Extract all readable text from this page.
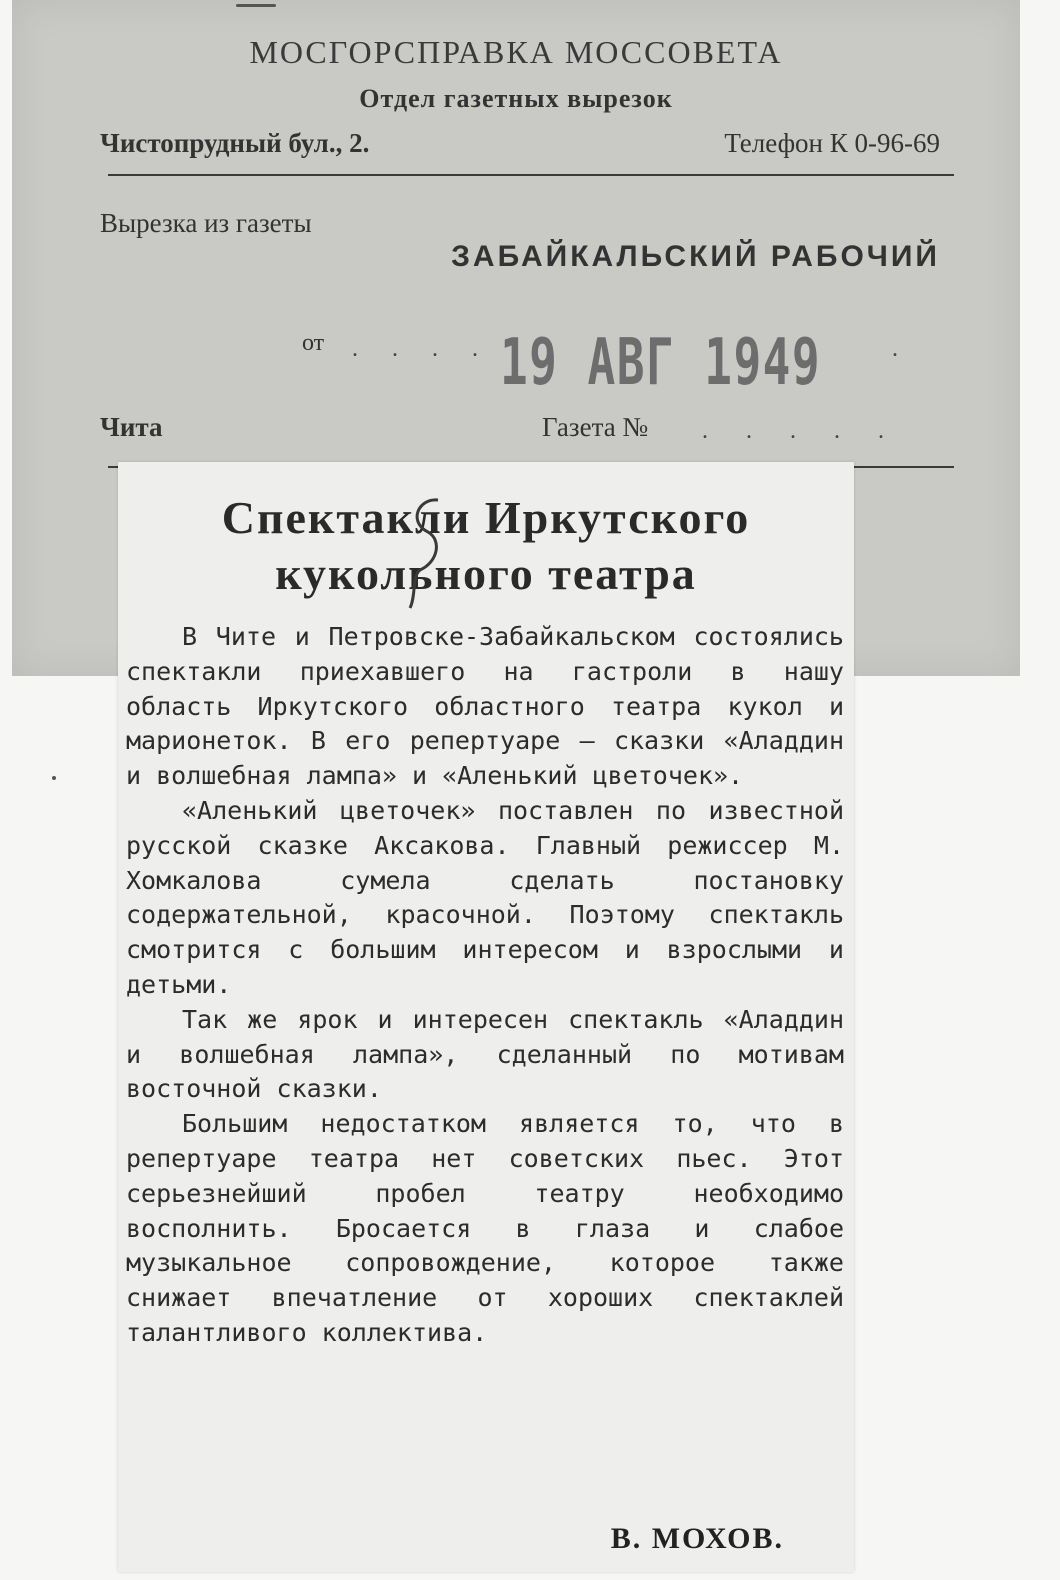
МОСГОРСПРАВКА МОССОВЕТА
Отдел газетных вырезок
Чистопрудный бул., 2.	Телефон К 0-96-69
Вырезка из газеты
ЗАБАЙКАЛЬСКИЙ РАБОЧИЙ
от . . . . 19 АВГ 1949	.
Чита	Газета № . . . . .
Спектакли Иркутского
кукольного театра

В Чите и Петровске-Забайкальском состоялись спектакли приехавшего на гастроли в нашу область Иркутского областного театра кукол и марионеток. В его репертуаре — сказки «Аладдин и волшебная лампа» и «Аленький цветочек».

«Аленький цветочек» поставлен по известной русской сказке Аксакова. Главный режиссер М. Хомкалова сумела сделать постановку содержательной, красочной. Поэтому спектакль смотрится с большим интересом и взрослыми и детьми.

Так же ярок и интересен спектакль «Аладдин и волшебная лампа», сделанный по мотивам восточной сказки.

Большим недостатком является то, что в репертуаре театра нет советских пьес. Этот серьезнейший пробел театру необходимо восполнить. Бросается в глаза и слабое музыкальное сопровождение, которое также снижает впечатление от хороших спектаклей талантливого коллектива.

В. МОХОВ.
